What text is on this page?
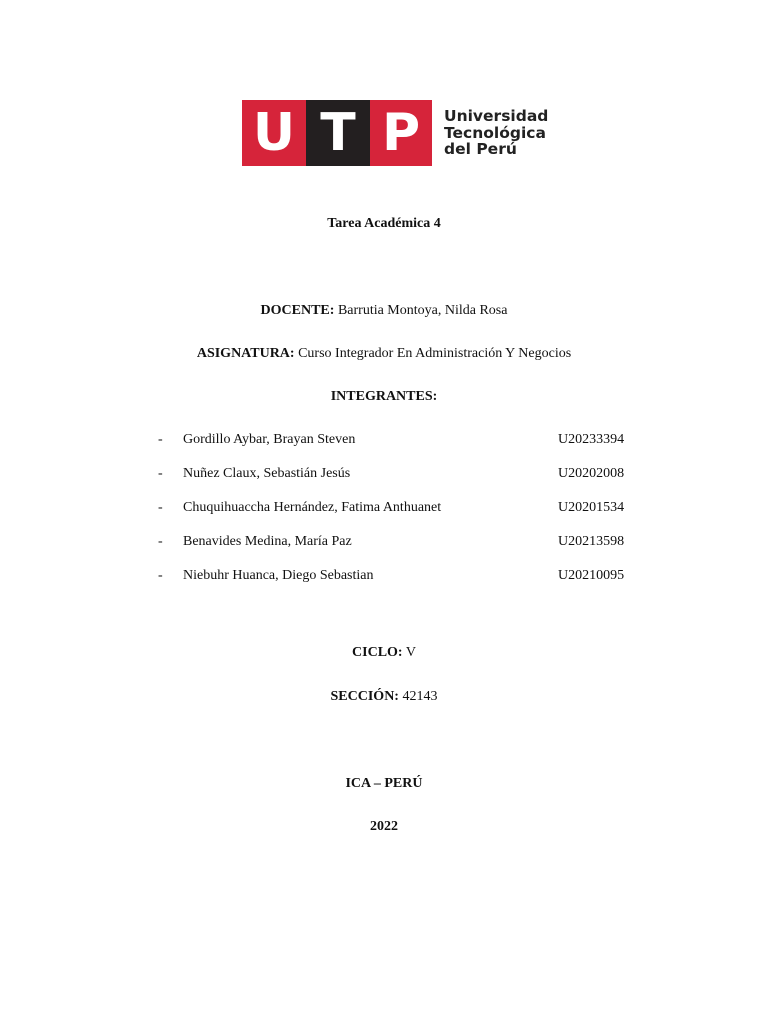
U T P	Universidad
Tecnológica
del Perú
Tarea Académica 4
DOCENTE: Barrutia Montoya, Nilda Rosa
ASIGNATURA: Curso Integrador En Administración Y Negocios
INTEGRANTES:
- Gordillo Aybar, Brayan Steven	U20233394
- Nuñez Claux, Sebastián Jesús	U20202008
- Chuquihuaccha Hernández, Fatima Anthuanet	U20201534
- Benavides Medina, María Paz	U20213598
- Niebuhr Huanca, Diego Sebastian	U20210095
CICLO: V
SECCIÓN: 42143
ICA – PERÚ
2022
